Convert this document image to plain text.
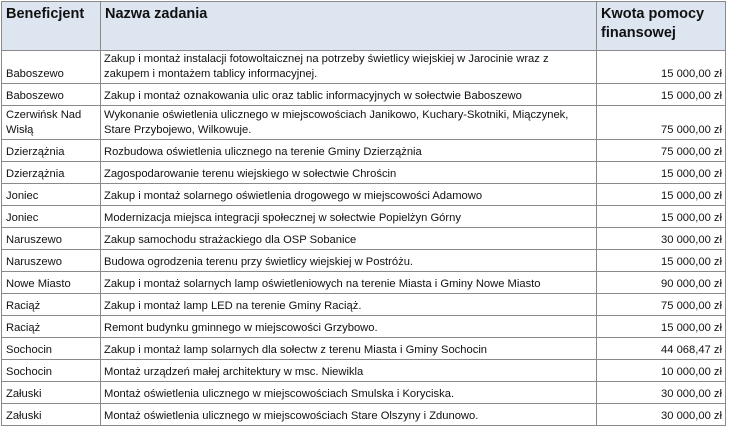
Beneficjent	Nazwa zadania	Kwota pomocy finansowej
Baboszewo	Zakup i montaż instalacji fotowoltaicznej na potrzeby świetlicy wiejskiej w Jarocinie wraz z zakupem i montażem tablicy informacyjnej.	15 000,00 zł
Baboszewo	Zakup i montaż oznakowania ulic oraz tablic informacyjnych w sołectwie Baboszewo	15 000,00 zł
Czerwińsk Nad Wisłą	Wykonanie oświetlenia ulicznego w miejscowościach Janikowo, Kuchary-Skotniki, Miączynek, Stare Przybojewo, Wilkowuje.	75 000,00 zł
Dzierzążnia	Rozbudowa oświetlenia ulicznego na terenie Gminy Dzierzążnia	75 000,00 zł
Dzierzążnia	Zagospodarowanie terenu wiejskiego w sołectwie Chrościn	15 000,00 zł
Joniec	Zakup i montaż solarnego oświetlenia drogowego w miejscowości Adamowo	15 000,00 zł
Joniec	Modernizacja miejsca integracji społecznej w sołectwie Popielżyn Górny	15 000,00 zł
Naruszewo	Zakup samochodu strażackiego dla OSP Sobanice	30 000,00 zł
Naruszewo	Budowa ogrodzenia terenu przy świetlicy wiejskiej w Postróżu.	15 000,00 zł
Nowe Miasto	Zakup i montaż solarnych lamp oświetleniowych na terenie Miasta i Gminy Nowe Miasto	90 000,00 zł
Raciąż	Zakup i montaż lamp LED na terenie Gminy Raciąż.	75 000,00 zł
Raciąż	Remont budynku gminnego w miejscowości Grzybowo.	15 000,00 zł
Sochocin	Zakup i montaż lamp solarnych dla sołectw z terenu Miasta i Gminy Sochocin	44 068,47 zł
Sochocin	Montaż urządzeń małej architektury w msc. Niewikla	10 000,00 zł
Załuski	Montaż oświetlenia ulicznego w miejscowościach Smulska i Koryciska.	30 000,00 zł
Załuski	Montaż oświetlenia ulicznego w miejscowościach Stare Olszyny i Zdunowo.	30 000,00 zł
